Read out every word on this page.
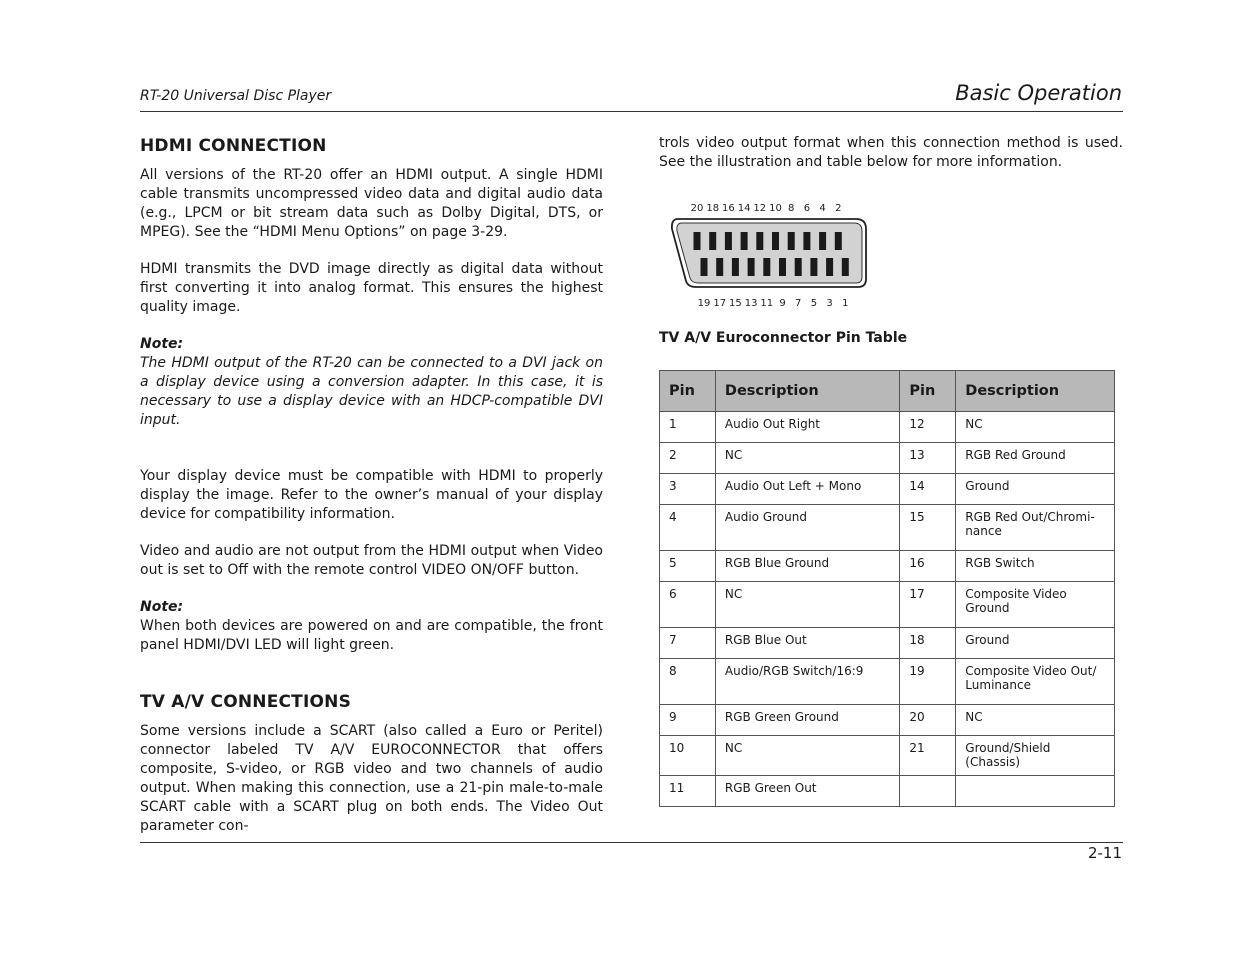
RT-20 Universal Disc Player	Basic Operation
HDMI CONNECTION

All versions of the RT-20 offer an HDMI output. A single HDMI cable transmits uncompressed video data and digital audio data (e.g., LPCM or bit stream data such as Dolby Digital, DTS, or MPEG). See the “HDMI Menu Options” on page 3-29.

HDMI transmits the DVD image directly as digital data without first converting it into analog format. This ensures the highest quality image.

Note:

The HDMI output of the RT-20 can be connected to a DVI jack on a display device using a conversion adapter. In this case, it is necessary to use a display device with an HDCP-compatible DVI input.

Your display device must be compatible with HDMI to properly display the image. Refer to the owner’s manual of your display device for compatibility information.

Video and audio are not output from the HDMI output when Video out is set to Off with the remote control VIDEO ON/OFF button.

Note:

When both devices are powered on and are compatible, the front panel HDMI/DVI LED will light green.

TV A/V CONNECTIONS

Some versions include a SCART (also called a Euro or Peritel) connector labeled TV A/V EUROCONNECTOR that offers composite, S-video, or RGB video and two channels of audio output. When making this connection, use a 21-pin male-to-male SCART cable with a SCART plug on both ends. The Video Out parameter con-

trols video output format when this connection method is used. See the illustration and table below for more information.

20 18 16 14 12 10 8 6 4 2
19 17 15 13 11 9 7 5 3 1
TV A/V Euroconnector Pin Table
Pin	Description	Pin	Description
1	Audio Out Right	12	NC
2	NC	13	RGB Red Ground
3	Audio Out Left + Mono	14	Ground
4	Audio Ground	15	RGB Red Out/Chromi-nance
5	RGB Blue Ground	16	RGB Switch
6	NC	17	Composite Video Ground
7	RGB Blue Out	18	Ground
8	Audio/RGB Switch/16:9	19	Composite Video Out/ Luminance
9	RGB Green Ground	20	NC
10	NC	21	Ground/Shield (Chassis)
11	RGB Green Out		
2-11
